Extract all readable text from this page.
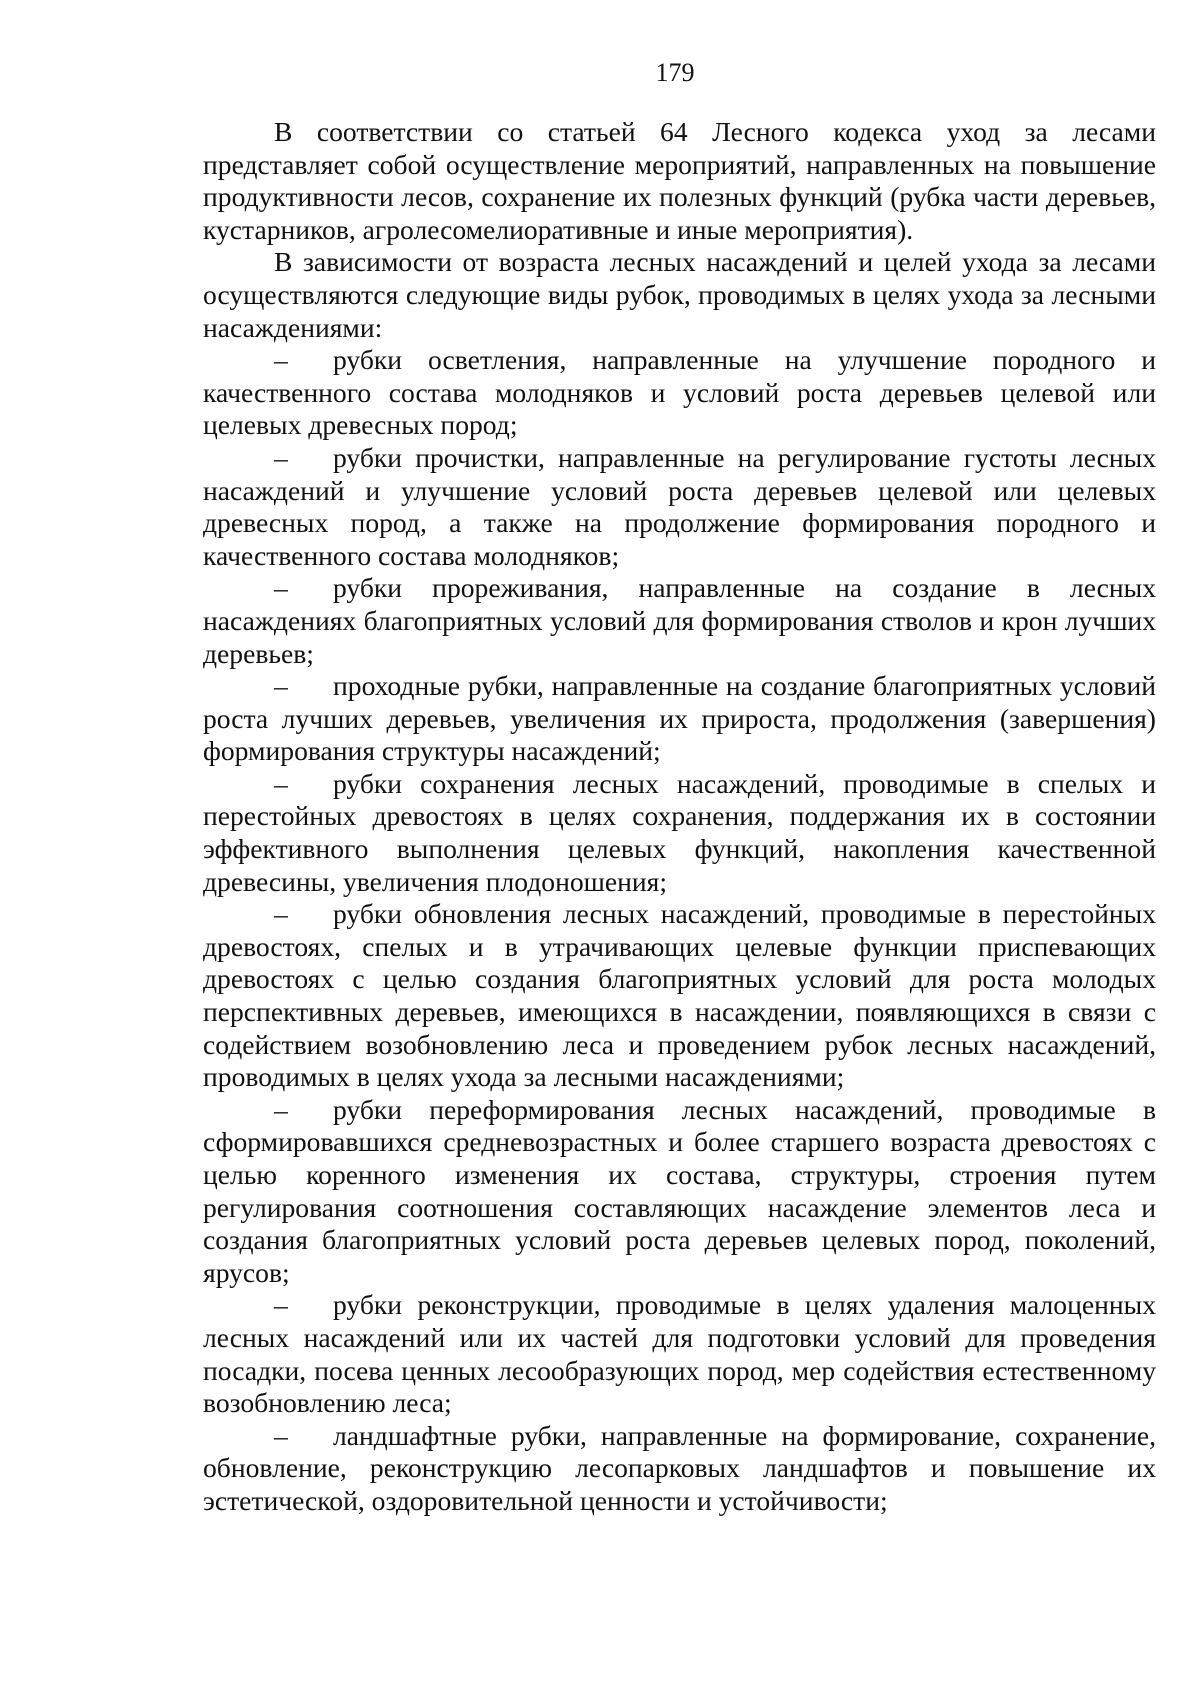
179

В соответствии со статьей 64 Лесного кодекса уход за лесами представляет собой осуществление мероприятий, направленных на повышение продуктивности лесов, сохранение их полезных функций (рубка части деревьев, кустарников, агролесомелиоративные и иные мероприятия).

В зависимости от возраста лесных насаждений и целей ухода за лесами осуществляются следующие виды рубок, проводимых в целях ухода за лесными насаждениями:

– рубки осветления, направленные на улучшение породного и качественного состава молодняков и условий роста деревьев целевой или целевых древесных пород;

– рубки прочистки, направленные на регулирование густоты лесных насаждений и улучшение условий роста деревьев целевой или целевых древесных пород, а также на продолжение формирования породного и качественного состава молодняков;

– рубки прореживания, направленные на создание в лесных насаждениях благоприятных условий для формирования стволов и крон лучших деревьев;

– проходные рубки, направленные на создание благоприятных условий роста лучших деревьев, увеличения их прироста, продолжения (завершения) формирования структуры насаждений;

– рубки сохранения лесных насаждений, проводимые в спелых и перестойных древостоях в целях сохранения, поддержания их в состоянии эффективного выполнения целевых функций, накопления качественной древесины, увеличения плодоношения;

– рубки обновления лесных насаждений, проводимые в перестойных древостоях, спелых и в утрачивающих целевые функции приспевающих древостоях с целью создания благоприятных условий для роста молодых перспективных деревьев, имеющихся в насаждении, появляющихся в связи с содействием возобновлению леса и проведением рубок лесных насаждений, проводимых в целях ухода за лесными насаждениями;

– рубки переформирования лесных насаждений, проводимые в сформировавшихся средневозрастных и более старшего возраста древостоях с целью коренного изменения их состава, структуры, строения путем регулирования соотношения составляющих насаждение элементов леса и создания благоприятных условий роста деревьев целевых пород, поколений, ярусов;

– рубки реконструкции, проводимые в целях удаления малоценных лесных насаждений или их частей для подготовки условий для проведения посадки, посева ценных лесообразующих пород, мер содействия естественному возобновлению леса;

– ландшафтные рубки, направленные на формирование, сохранение, обновление, реконструкцию лесопарковых ландшафтов и повышение их эстетической, оздоровительной ценности и устойчивости;
